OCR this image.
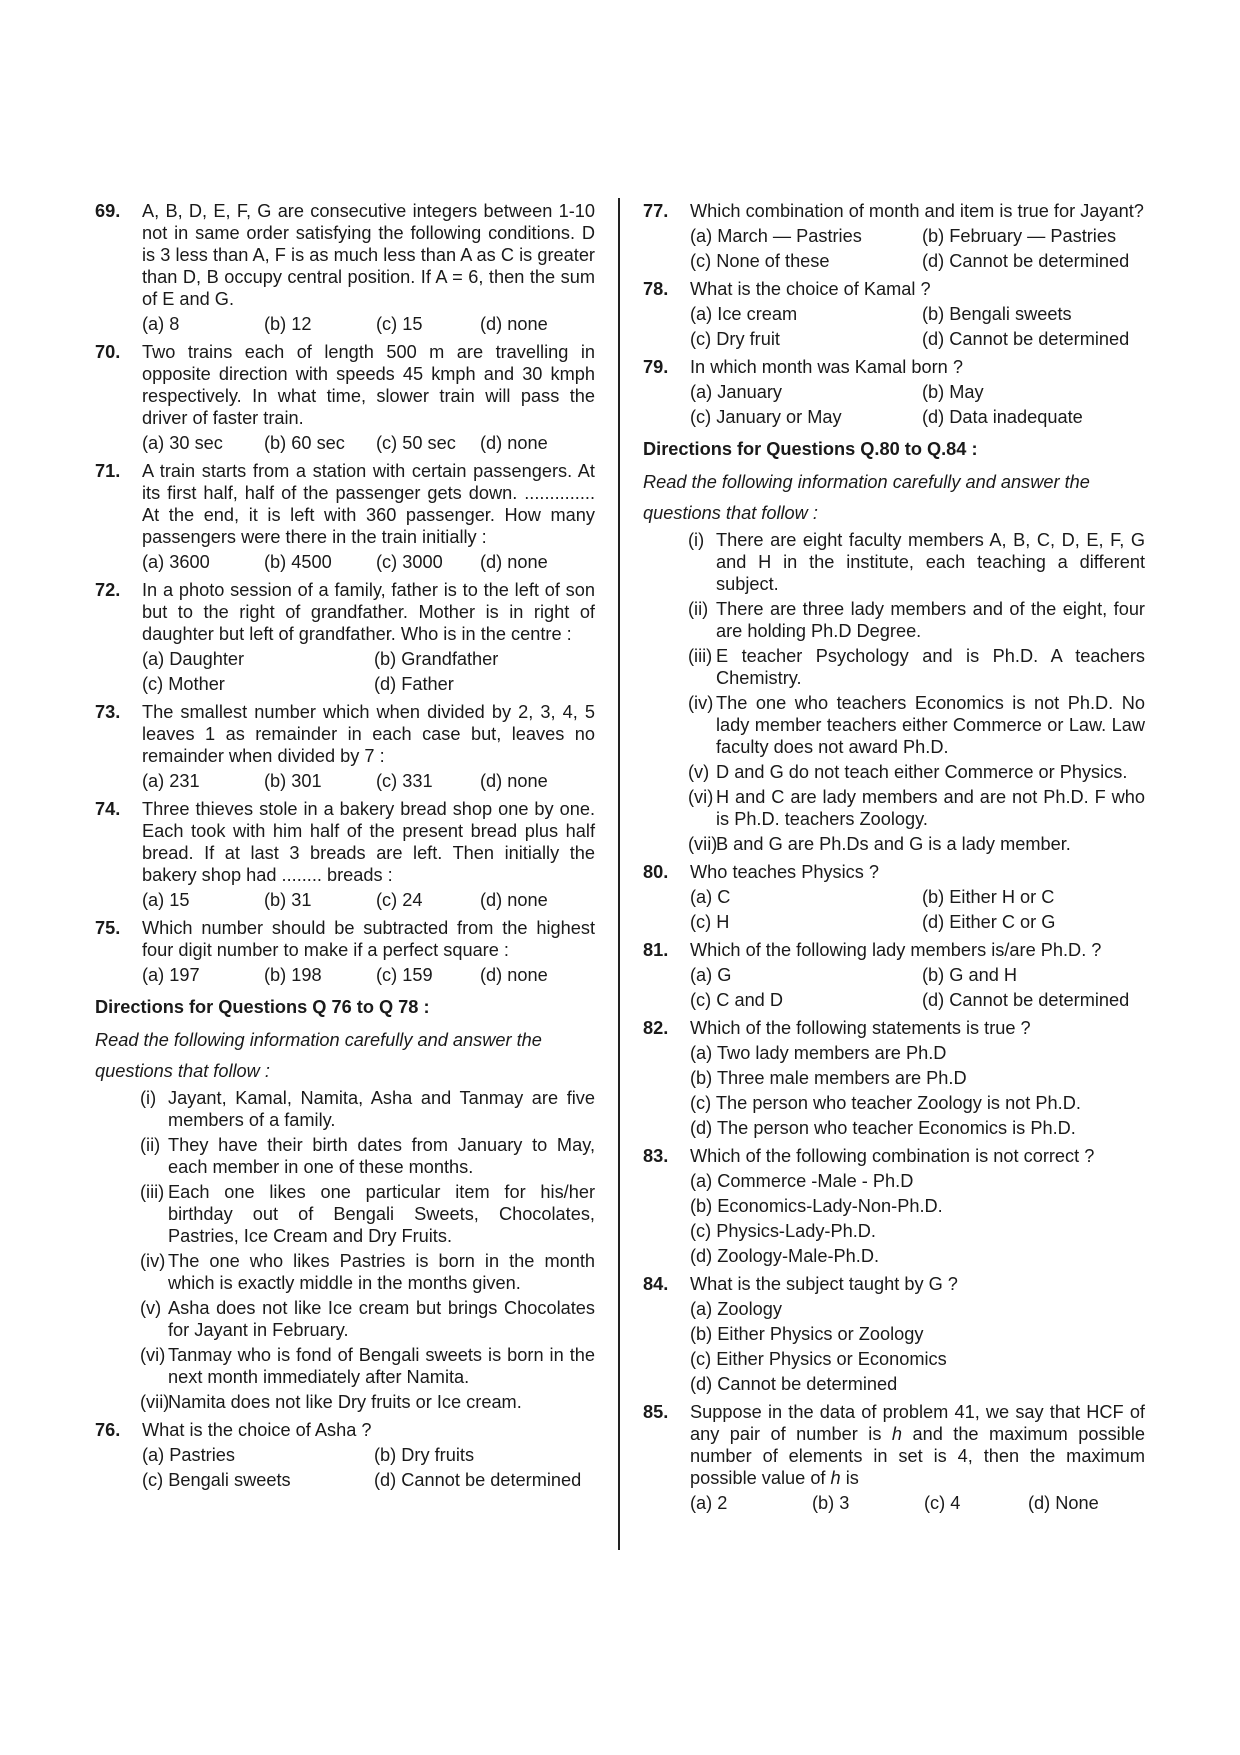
69. A, B, D, E, F, G are consecutive integers between 1-10 not in same order satisfying the following conditions. D is 3 less than A, F is as much less than A as C is greater than D, B occupy central position. If A = 6, then the sum of E and G.
(a) 8	(b) 12	(c) 15	(d) none
70. Two trains each of length 500 m are travelling in opposite direction with speeds 45 kmph and 30 kmph respectively. In what time, slower train will pass the driver of faster train.
(a) 30 sec	(b) 60 sec	(c) 50 sec	(d) none
71. A train starts from a station with certain passengers. At its first half, half of the passenger gets down. .............. At the end, it is left with 360 passenger. How many passengers were there in the train initially :
(a) 3600	(b) 4500	(c) 3000	(d) none
72. In a photo session of a family, father is to the left of son but to the right of grandfather. Mother is in right of daughter but left of grandfather. Who is in the centre :
(a) Daughter	(b) Grandfather
(c) Mother	(d) Father
73. The smallest number which when divided by 2, 3, 4, 5 leaves 1 as remainder in each case but, leaves no remainder when divided by 7 :
(a) 231	(b) 301	(c) 331	(d) none
74. Three thieves stole in a bakery bread shop one by one. Each took with him half of the present bread plus half bread. If at last 3 breads are left. Then initially the bakery shop had ........ breads :
(a) 15	(b) 31	(c) 24	(d) none
75. Which number should be subtracted from the highest four digit number to make if a perfect square :
(a) 197	(b) 198	(c) 159	(d) none
Directions for Questions Q 76 to Q 78 :
Read the following information carefully and answer the questions that follow :
(i) Jayant, Kamal, Namita, Asha and Tanmay are five members of a family.
(ii) They have their birth dates from January to May, each member in one of these months.
(iii) Each one likes one particular item for his/her birthday out of Bengali Sweets, Chocolates, Pastries, Ice Cream and Dry Fruits.
(iv) The one who likes Pastries is born in the month which is exactly middle in the months given.
(v) Asha does not like Ice cream but brings Chocolates for Jayant in February.
(vi) Tanmay who is fond of Bengali sweets is born in the next month immediately after Namita.
(vii)
Namita does not like Dry fruits or Ice cream.
76. What is the choice of Asha ?
(a) Pastries	(b) Dry fruits
(c) Bengali sweets	(d) Cannot be determined
77. Which combination of month and item is true for Jayant?
(a) March — Pastries	(b) February — Pastries
(c) None of these	(d) Cannot be determined
78. What is the choice of Kamal ?
(a) Ice cream	(b) Bengali sweets
(c) Dry fruit	(d) Cannot be determined
79. In which month was Kamal born ?
(a) January	(b) May
(c) January or May	(d) Data inadequate
Directions for Questions Q.80 to Q.84 :
Read the following information carefully and answer the questions that follow :
(i) There are eight faculty members A, B, C, D, E, F, G and H in the institute, each teaching a different subject.
(ii) There are three lady members and of the eight, four are holding Ph.D Degree.
(iii) E teacher Psychology and is Ph.D. A teachers Chemistry.
(iv) The one who teachers Economics is not Ph.D. No lady member teachers either Commerce or Law. Law faculty does not award Ph.D.
(v) D and G do not teach either Commerce or Physics.
(vi) H and C are lady members and are not Ph.D. F who is Ph.D. teachers Zoology.
(vii)
B and G are Ph.Ds and G is a lady member.
80. Who teaches Physics ?
(a) C	(b) Either H or C
(c) H	(d) Either C or G
81. Which of the following lady members is/are Ph.D. ?
(a) G	(b) G and H
(c) C and D	(d) Cannot be determined
82. Which of the following statements is true ?
(a) Two lady members are Ph.D
(b) Three male members are Ph.D
(c) The person who teacher Zoology is not Ph.D.
(d) The person who teacher Economics is Ph.D.
83. Which of the following combination is not correct ?
(a) Commerce -Male - Ph.D
(b) Economics-Lady-Non-Ph.D.
(c) Physics-Lady-Ph.D.
(d) Zoology-Male-Ph.D.
84. What is the subject taught by G ?
(a) Zoology
(b) Either Physics or Zoology
(c) Either Physics or Economics
(d) Cannot be determined
85. Suppose in the data of problem 41, we say that HCF of any pair of number is h and the maximum possible number of elements in set is 4, then the maximum possible value of h is
(a) 2	(b) 3	(c) 4	(d) None
